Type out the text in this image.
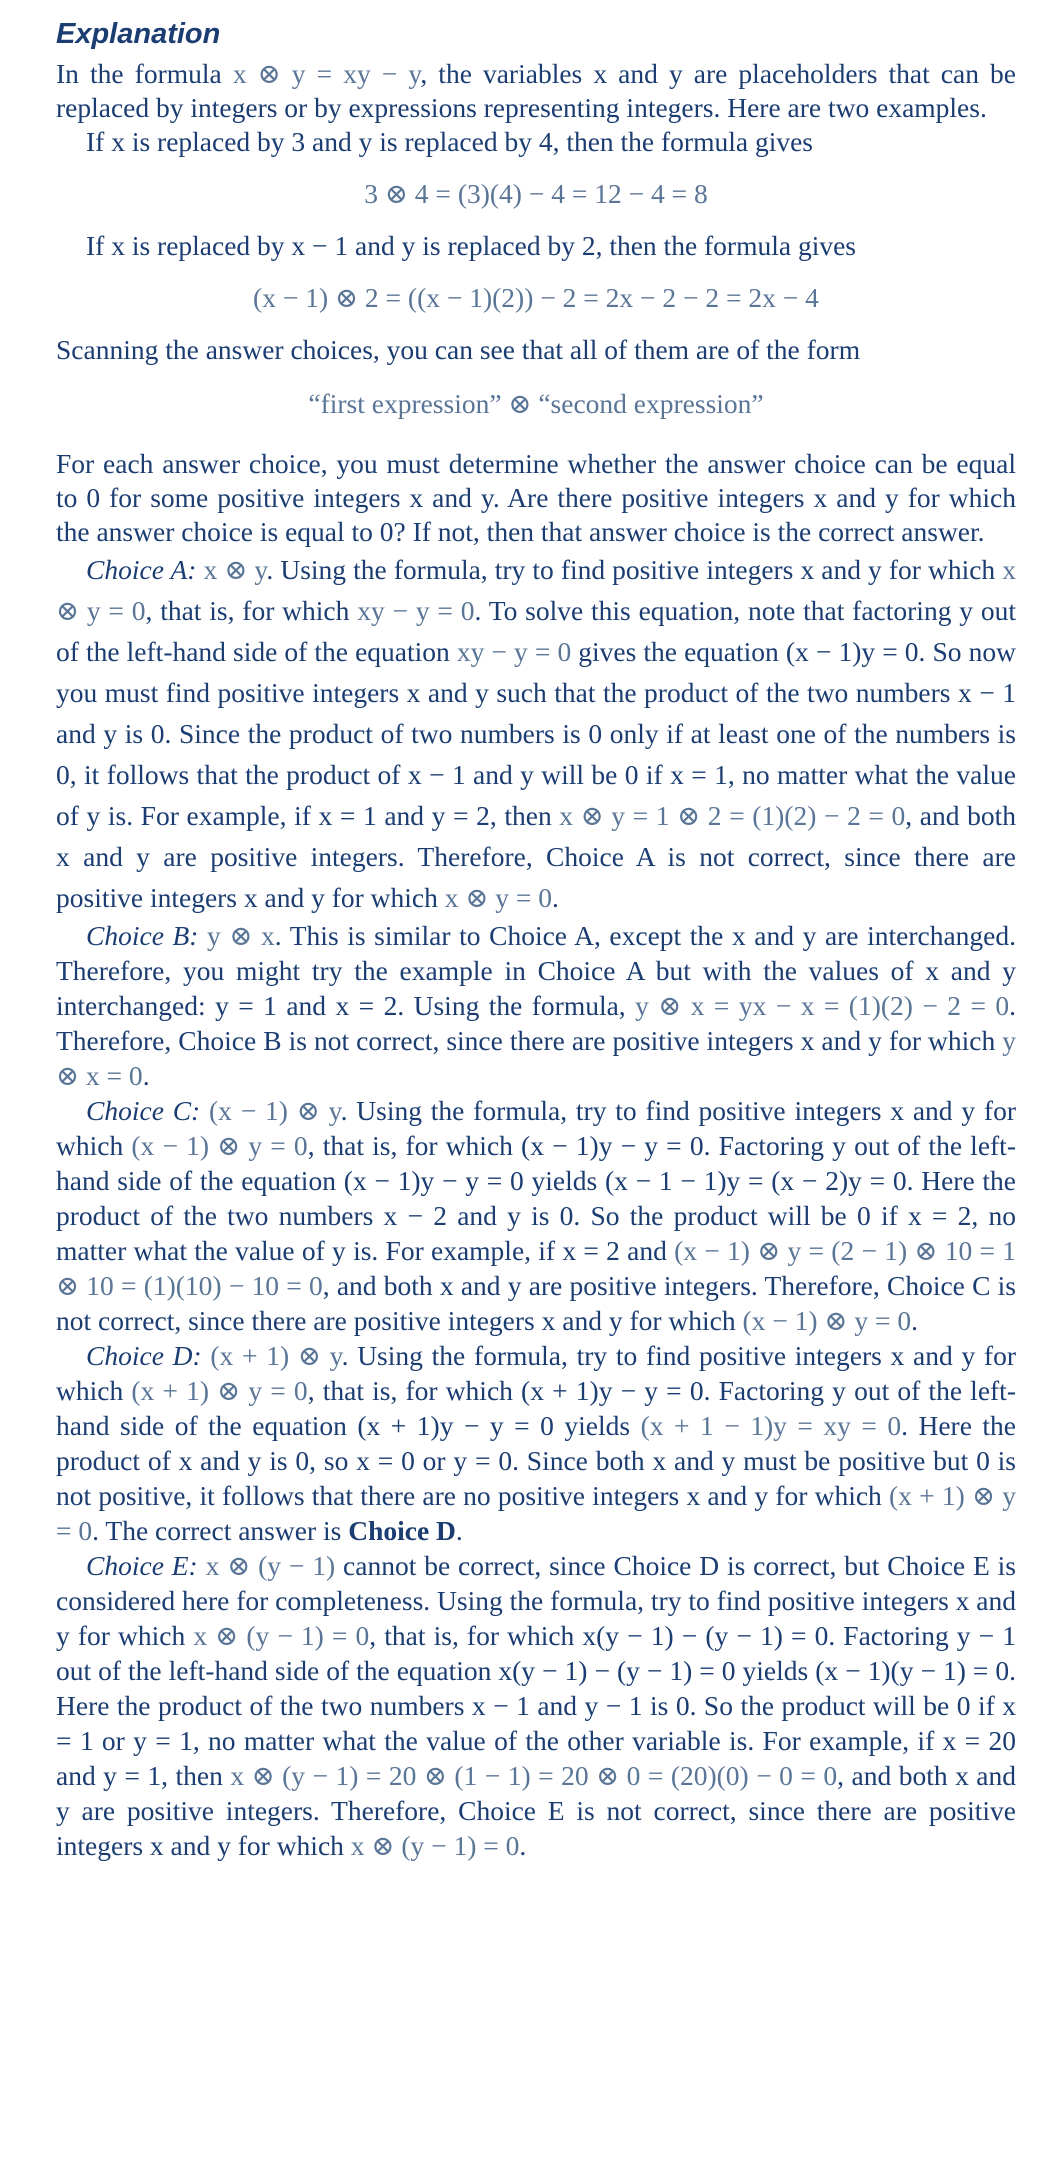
Explanation

In the formula x ⊗ y = xy − y, the variables x and y are placeholders that can be replaced by integers or by expressions representing integers. Here are two examples.

If x is replaced by 3 and y is replaced by 4, then the formula gives

3 ⊗ 4 = (3)(4) − 4 = 12 − 4 = 8

If x is replaced by x − 1 and y is replaced by 2, then the formula gives

(x − 1) ⊗ 2 = ((x − 1)(2)) − 2 = 2x − 2 − 2 = 2x − 4

Scanning the answer choices, you can see that all of them are of the form

“first expression” ⊗ “second expression”

For each answer choice, you must determine whether the answer choice can be equal to 0 for some positive integers x and y. Are there positive integers x and y for which the answer choice is equal to 0? If not, then that answer choice is the correct answer.

Choice A: x ⊗ y. Using the formula, try to find positive integers x and y for which x ⊗ y = 0, that is, for which xy − y = 0. To solve this equation, note that factoring y out of the left-hand side of the equation xy − y = 0 gives the equation (x − 1)y = 0. So now you must find positive integers x and y such that the product of the two numbers x − 1 and y is 0. Since the product of two numbers is 0 only if at least one of the numbers is 0, it follows that the product of x − 1 and y will be 0 if x = 1, no matter what the value of y is. For example, if x = 1 and y = 2, then x ⊗ y = 1 ⊗ 2 = (1)(2) − 2 = 0, and both x and y are positive integers. Therefore, Choice A is not correct, since there are positive integers x and y for which x ⊗ y = 0.

Choice B: y ⊗ x. This is similar to Choice A, except the x and y are interchanged. Therefore, you might try the example in Choice A but with the values of x and y interchanged: y = 1 and x = 2. Using the formula, y ⊗ x = yx − x = (1)(2) − 2 = 0. Therefore, Choice B is not correct, since there are positive integers x and y for which y ⊗ x = 0.

Choice C: (x − 1) ⊗ y. Using the formula, try to find positive integers x and y for which (x − 1) ⊗ y = 0, that is, for which (x − 1)y − y = 0. Factoring y out of the left-hand side of the equation (x − 1)y − y = 0 yields (x − 1 − 1)y = (x − 2)y = 0. Here the product of the two numbers x − 2 and y is 0. So the product will be 0 if x = 2, no matter what the value of y is. For example, if x = 2 and (x − 1) ⊗ y = (2 − 1) ⊗ 10 = 1 ⊗ 10 = (1)(10) − 10 = 0, and both x and y are positive integers. Therefore, Choice C is not correct, since there are positive integers x and y for which (x − 1) ⊗ y = 0.

Choice D: (x + 1) ⊗ y. Using the formula, try to find positive integers x and y for which (x + 1) ⊗ y = 0, that is, for which (x + 1)y − y = 0. Factoring y out of the left-hand side of the equation (x + 1)y − y = 0 yields (x + 1 − 1)y = xy = 0. Here the product of x and y is 0, so x = 0 or y = 0. Since both x and y must be positive but 0 is not positive, it follows that there are no positive integers x and y for which (x + 1) ⊗ y = 0. The correct answer is Choice D.

Choice E: x ⊗ (y − 1) cannot be correct, since Choice D is correct, but Choice E is considered here for completeness. Using the formula, try to find positive integers x and y for which x ⊗ (y − 1) = 0, that is, for which x(y − 1) − (y − 1) = 0. Factoring y − 1 out of the left-hand side of the equation x(y − 1) − (y − 1) = 0 yields (x − 1)(y − 1) = 0. Here the product of the two numbers x − 1 and y − 1 is 0. So the product will be 0 if x = 1 or y = 1, no matter what the value of the other variable is. For example, if x = 20 and y = 1, then x ⊗ (y − 1) = 20 ⊗ (1 − 1) = 20 ⊗ 0 = (20)(0) − 0 = 0, and both x and y are positive integers. Therefore, Choice E is not correct, since there are positive integers x and y for which x ⊗ (y − 1) = 0.
